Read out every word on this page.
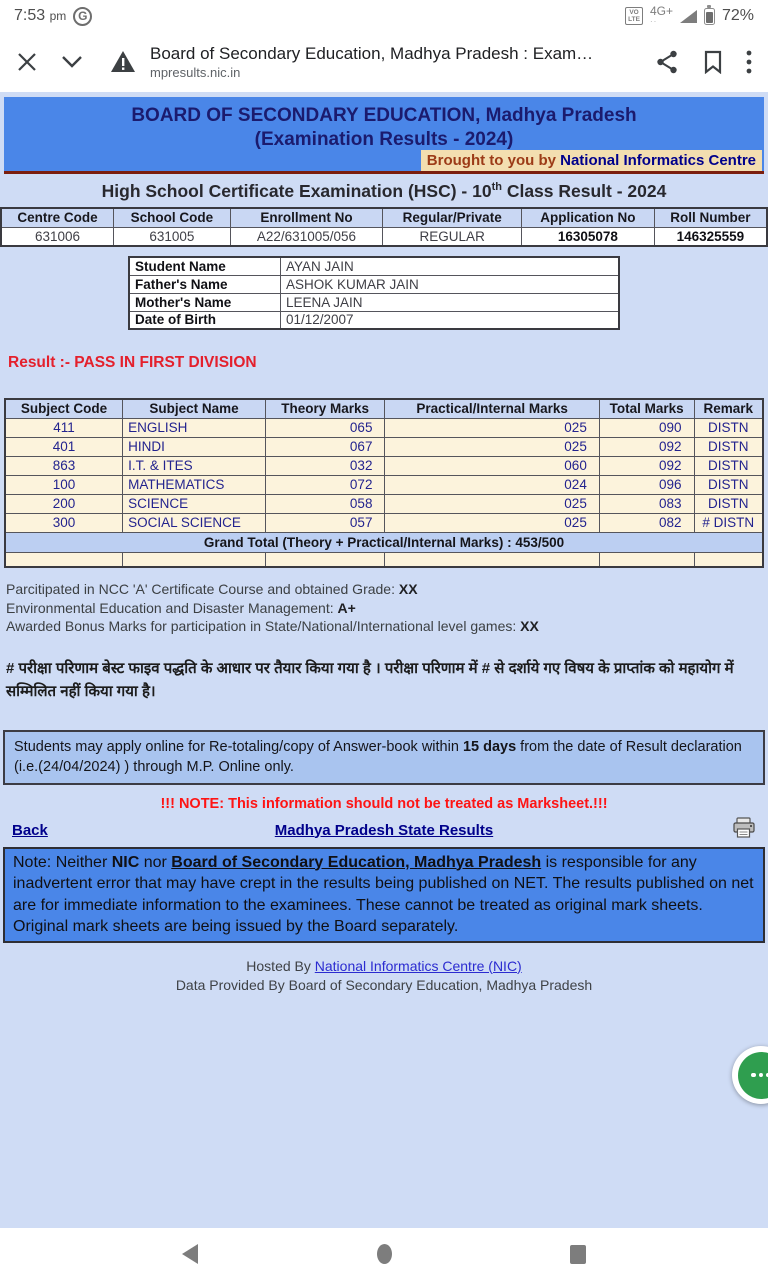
7:53 pm G	VO
LTE
4G+ ․․	72%
Board of Secondary Education, Madhya Pradesh : Exam…
mpresults.nic.in
BOARD OF SECONDARY EDUCATION, Madhya Pradesh
(Examination Results - 2024)
Brought to you by National Informatics Centre
High School Certificate Examination (HSC) - 10th Class Result - 2024
Centre Code	School Code	Enrollment No	Regular/Private	Application No	Roll Number
631006	631005	A22/631005/056	REGULAR	16305078	146325559
Student Name	AYAN JAIN
Father's Name	ASHOK KUMAR JAIN
Mother's Name	LEENA JAIN
Date of Birth	01/12/2007
Result :- PASS IN FIRST DIVISION
Subject Code	Subject Name	Theory Marks	Practical/Internal Marks	Total Marks	Remark
411	ENGLISH	065	025	090	DISTN
401	HINDI	067	025	092	DISTN
863	I.T. & ITES	032	060	092	DISTN
100	MATHEMATICS	072	024	096	DISTN
200	SCIENCE	058	025	083	DISTN
300	SOCIAL SCIENCE	057	025	082	# DISTN
Grand Total (Theory + Practical/Internal Marks) : 453/500					

Parcitipated in NCC 'A' Certificate Course and obtained Grade: XX
Environmental Education and Disaster Management: A+
Awarded Bonus Marks for participation in State/National/International level games: XX
# परीक्षा परिणाम बेस्ट फाइव पद्धति के आधार पर तैयार किया गया है । परीक्षा परिणाम में # से दर्शाये गए विषय के प्राप्तांक को महायोग में सम्मिलित नहीं किया गया है।
Students may apply online for Re-totaling/copy of Answer-book within 15 days from the date of Result declaration (i.e.(24/04/2024) ) through M.P. Online only.
!!! NOTE: This information should not be treated as Marksheet.!!!
Back	Madhya Pradesh State Results
Note: Neither NIC nor Board of Secondary Education, Madhya Pradesh is responsible for any inadvertent error that may have crept in the results being published on NET. The results published on net are for immediate information to the examinees. These cannot be treated as original mark sheets. Original mark sheets are being issued by the Board separately.
Hosted By National Informatics Centre (NIC)
Data Provided By Board of Secondary Education, Madhya Pradesh
